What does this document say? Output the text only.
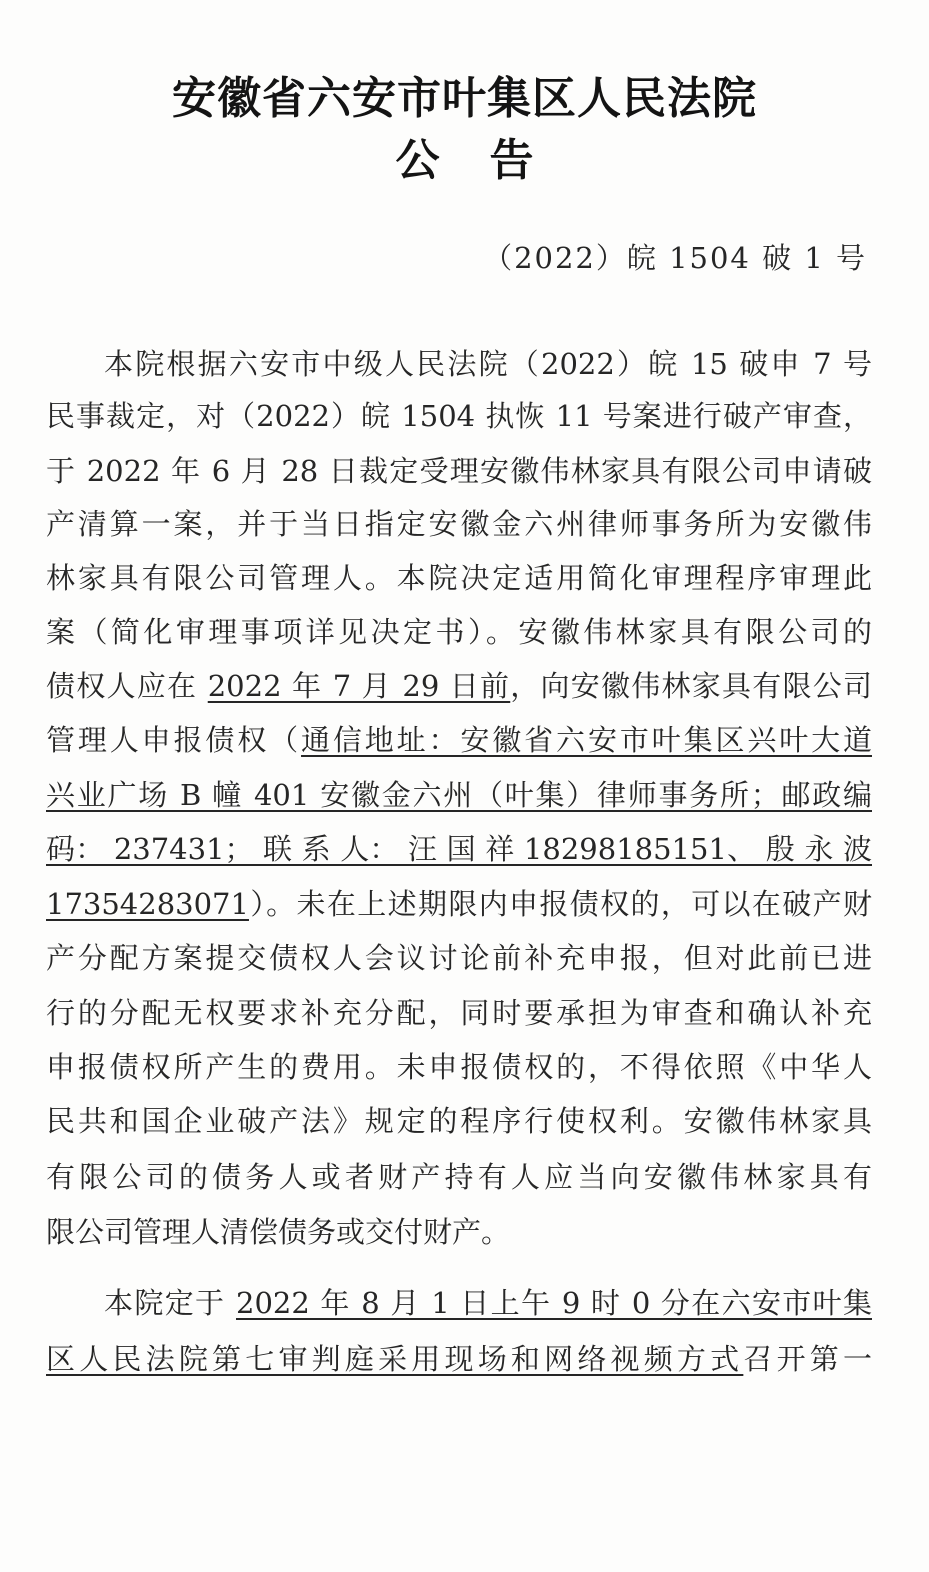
安徽省六安市叶集区人民法院
公告
（2022）皖 1504 破 1 号
本院根据六安市中级人民法院（2022）皖 15 破申 7 号
民事裁定，对（2022）皖 1504 执恢 11 号案进行破产审查，
于 2022 年 6 月 28 日裁定受理安徽伟林家具有限公司申请破
产清算一案，并于当日指定安徽金六州律师事务所为安徽伟
林家具有限公司管理人。本院决定适用简化审理程序审理此
案（简化审理事项详见决定书）。安徽伟林家具有限公司的
债权人应在 2022 年 7 月 29 日前，向安徽伟林家具有限公司
管理人申报债权（通信地址：安徽省六安市叶集区兴叶大道
兴业广场 B 幢 401 安徽金六州（叶集）律师事务所；邮政编
码： 237431； 联 系 人： 汪 国 祥 18298185151、 殷 永 波
17354283071）。未在上述期限内申报债权的，可以在破产财
产分配方案提交债权人会议讨论前补充申报，但对此前已进
行的分配无权要求补充分配，同时要承担为审查和确认补充
申报债权所产生的费用。未申报债权的，不得依照《中华人
民共和国企业破产法》规定的程序行使权利。安徽伟林家具
有限公司的债务人或者财产持有人应当向安徽伟林家具有
限公司管理人清偿债务或交付财产。
本院定于 2022 年 8 月 1 日上午 9 时 0 分在六安市叶集
区人民法院第七审判庭采用现场和网络视频方式召开第一
